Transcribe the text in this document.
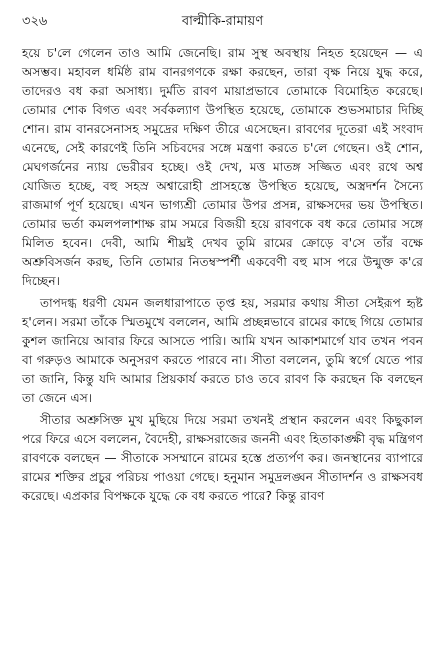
৩২৬	বাল্মীকি-রামায়ণ

হয়ে চ'লে গেলেন তাও আমি জেনেছি। রাম সুস্থ অবস্থায় নিহত হয়েছেন — এ অসম্ভব। মহাবল ধর্মিষ্ঠ রাম বানরগণকে রক্ষা করছেন, তারা বৃক্ষ নিয়ে যুদ্ধ করে, তাদেরও বধ করা অসাধ্য। দুর্মতি রাবণ মায়াপ্রভাবে তোমাকে বিমোহিত করেছে। তোমার শোক বিগত এবং সর্বকল্যাণ উপস্থিত হয়েছে, তোমাকে শুভসমাচার দিচ্ছি শোন। রাম বানরসেনাসহ সমুদ্রের দক্ষিণ তীরে এসেছেন। রাবণের দূতেরা এই সংবাদ এনেছে, সেই কারণেই তিনি সচিবদের সঙ্গে মন্ত্রণা করতে চ'লে গেছেন। ওই শোন, মেঘগর্জনের ন্যায় ভেরীরব হচ্ছে। ওই দেখ, মত্ত মাতঙ্গ সজ্জিত এবং রথে অশ্ব যোজিত হচ্ছে, বহু সহস্র অশ্বারোহী প্রাসহস্তে উপস্থিত হয়েছে, অস্ত্রদর্শন সৈন্যে রাজমার্গ পূর্ণ হয়েছে। এখন ভাগ্যশ্রী তোমার উপর প্রসন্ন, রাক্ষসদের ভয় উপস্থিত। তোমার ভর্তা কমলপলাশাক্ষ রাম সমরে বিজয়ী হয়ে রাবণকে বধ করে তোমার সঙ্গে মিলিত হবেন। দেবী, আমি শীঘ্রই দেখব তুমি রামের ক্রোড়ে ব'সে তাঁর বক্ষে অশ্রুবিসর্জন করছ, তিনি তোমার নিতম্বস্পর্শী একবেণী বহু মাস পরে উন্মুক্ত ক'রে দিচ্ছেন।

তাপদগ্ধ ধরণী যেমন জলধারাপাতে তৃপ্ত হয়, সরমার কথায় সীতা সেইরূপ হৃষ্ট হ'লেন। সরমা তাঁকে স্মিতমুখে বললেন, আমি প্রচ্ছন্নভাবে রামের কাছে গিয়ে তোমার কুশল জানিয়ে আবার ফিরে আসতে পারি। আমি যখন আকাশমার্গে যাব তখন পবন বা গরুড়ও আমাকে অনুসরণ করতে পারবে না। সীতা বললেন, তুমি স্বর্গে যেতে পার তা জানি, কিন্তু যদি আমার প্রিয়কার্য করতে চাও তবে রাবণ কি করছেন কি বলছেন তা জেনে এস।

সীতার অশ্রুসিক্ত মুখ মুছিয়ে দিয়ে সরমা তখনই প্রস্থান করলেন এবং কিছুকাল পরে ফিরে এসে বললেন, বৈদেহী, রাক্ষসরাজের জননী এবং হিতাকাঙ্ক্ষী বৃদ্ধ মন্ত্রিগণ রাবণকে বলছেন — সীতাকে সসম্মানে রামের হস্তে প্রত্যর্পণ কর। জনস্থানের ব্যাপারে রামের শক্তির প্রচুর পরিচয় পাওয়া গেছে। হনুমান সমুদ্রলঙ্ঘন সীতাদর্শন ও রাক্ষসবধ করেছে। এপ্রকার বিপক্ষকে যুদ্ধে কে বধ করতে পারে? কিন্তু রাবণ
